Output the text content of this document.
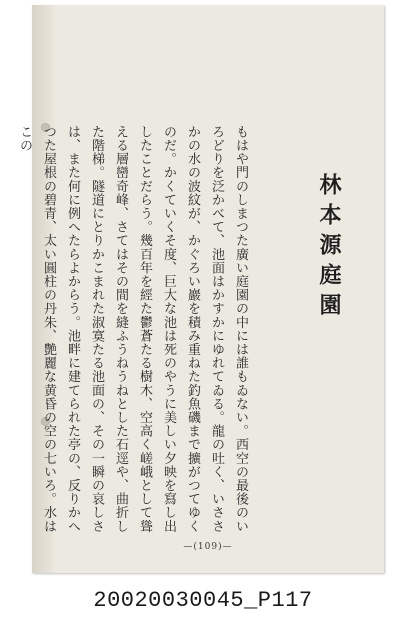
林本源庭園
もはや門のしまつた廣い庭園の中には誰もゐない。西空の最後のいろどりを泛かべて、池面はかすかにゆれてゐる。龍の吐く、いささかの水の波紋が、かぐろい巖を積み重ねた釣魚磯まで擴がつてゆくのだ。かくていくそ度、巨大な池は死のやうに美しい夕映を寫し出したことだらう。幾百年を經た鬱蒼たる樹木、空高く嵯峨として聳える層巒奇峰、さてはその間を縫ふうねうねとした石逕や、曲折した階梯。隧道にとりかこまれた淑寞たる池面の、その一瞬の哀しさは、また何に例へたらよからう。池畔に建てられた亭の、反りかへつた屋根の碧青、太い圓柱の丹朱、艶麗な黄昏の空の七いろ。水はこの
—(109)—
20020030045_P117
